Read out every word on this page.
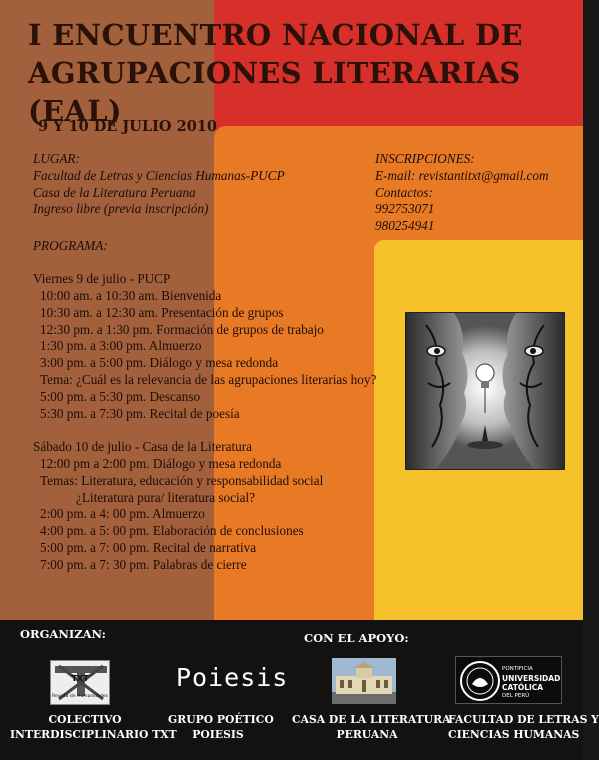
I ENCUENTRO NACIONAL DE
AGRUPACIONES LITERARIAS (EAL)
9 Y 10 DE JULIO 2010
LUGAR:
Facultad de Letras y Ciencias Humanas-PUCP
Casa de la Literatura Peruana
Ingreso libre (previa inscripción)
INSCRIPCIONES:
E-mail: revistantitxt@gmail.com
Contactos:
992753071
980254941
PROGRAMA:
Viernes 9 de julio - PUCP
10:00 am. a 10:30 am. Bienvenida
10:30 am. a 12:30 am. Presentación de grupos
12:30 pm. a 1:30 pm. Formación de grupos de trabajo
1:30 pm. a 3:00 pm. Almuerzo
3:00 pm. a 5:00 pm. Diálogo y mesa redonda
Tema: ¿Cuál es la relevancia de las agrupaciones literarias hoy?
5:00 pm. a 5:30 pm. Descanso
5:30 pm. a 7:30 pm. Recital de poesía
Sábado 10 de julio - Casa de la Literatura
12:00 pm a 2:00 pm. Diálogo y mesa redonda
Temas: Literatura, educación y responsabilidad social
¿Literatura pura/ literatura social?
2:00 pm. a 4: 00 pm. Almuerzo
4:00 pm. a 5: 00 pm. Elaboración de conclusiones
5:00 pm. a 7: 00 pm. Recital de narrativa
7:00 pm. a 7: 30 pm. Palabras de cierre
ORGANIZAN:	CON EL APOYO:
TXT
Revista de Humanidades
Poiesis	PONTIFICIA
UNIVERSIDAD
CATÓLICA
DEL PERÚ
COLECTIVO
INTERDISCIPLINARIO TXT
GRUPO POÉTICO
POIESIS
CASA DE LA LITERATURA
PERUANA
FACULTAD DE LETRAS Y
CIENCIAS HUMANAS
